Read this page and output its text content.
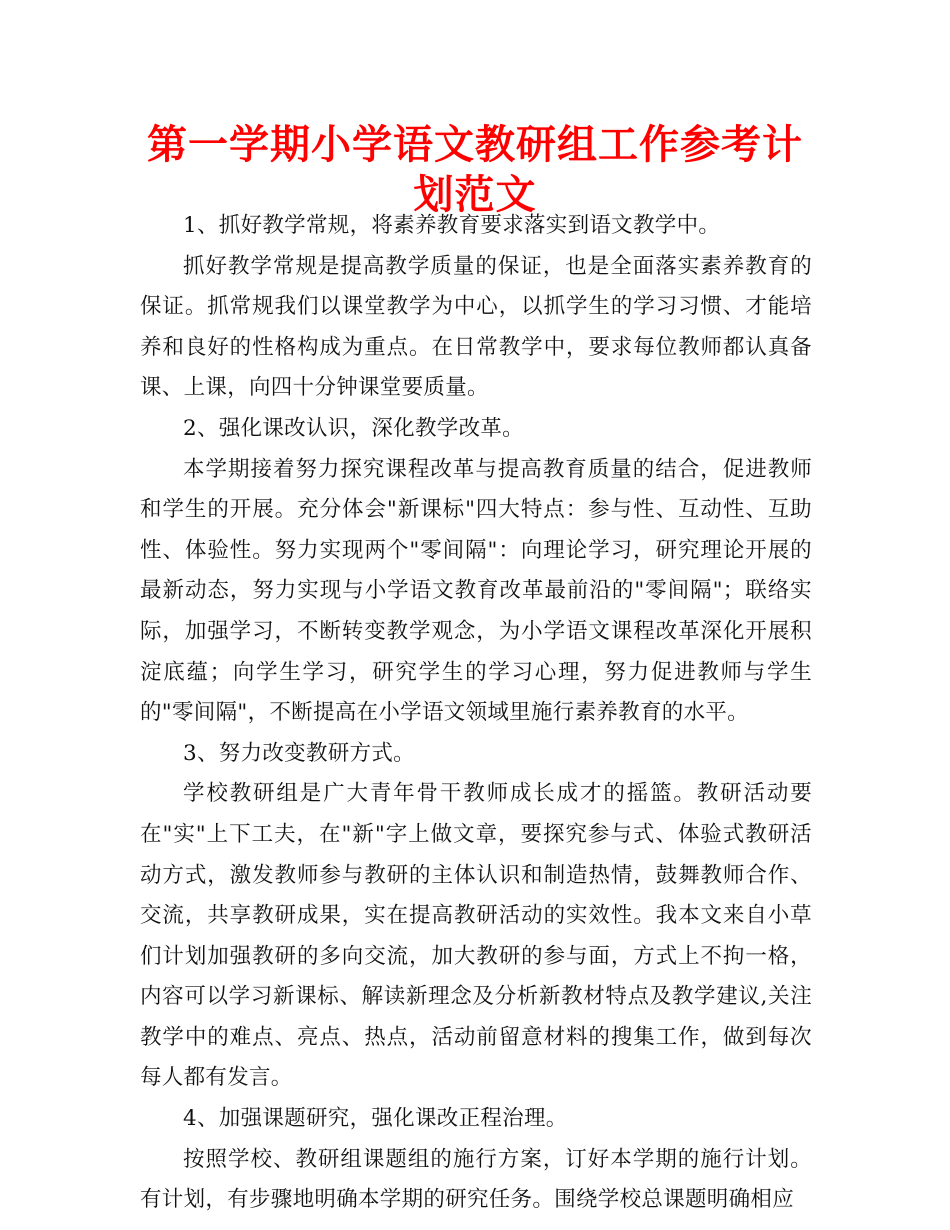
第一学期小学语文教研组工作参考计划范文

1、抓好教学常规，将素养教育要求落实到语文教学中。

抓好教学常规是提高教学质量的保证，也是全面落实素养教育的保证。抓常规我们以课堂教学为中心，以抓学生的学习习惯、才能培养和良好的性格构成为重点。在日常教学中，要求每位教师都认真备课、上课，向四十分钟课堂要质量。

2、强化课改认识，深化教学改革。

本学期接着努力探究课程改革与提高教育质量的结合，促进教师和学生的开展。充分体会"新课标"四大特点：参与性、互动性、互助性、体验性。努力实现两个"零间隔"：向理论学习，研究理论开展的最新动态，努力实现与小学语文教育改革最前沿的"零间隔"；联络实际，加强学习，不断转变教学观念，为小学语文课程改革深化开展积淀底蕴；向学生学习，研究学生的学习心理，努力促进教师与学生的"零间隔"，不断提高在小学语文领域里施行素养教育的水平。

3、努力改变教研方式。

学校教研组是广大青年骨干教师成长成才的摇篮。教研活动要在"实"上下工夫，在"新"字上做文章，要探究参与式、体验式教研活动方式，激发教师参与教研的主体认识和制造热情，鼓舞教师合作、交流，共享教研成果，实在提高教研活动的实效性。我本文来自小草们计划加强教研的多向交流，加大教研的参与面，方式上不拘一格，内容可以学习新课标、解读新理念及分析新教材特点及教学建议,关注教学中的难点、亮点、热点，活动前留意材料的搜集工作，做到每次每人都有发言。

4、加强课题研究，强化课改正程治理。

按照学校、教研组课题组的施行方案，订好本学期的施行计划。有计划，有步骤地明确本学期的研究任务。围绕学校总课题明确相应
